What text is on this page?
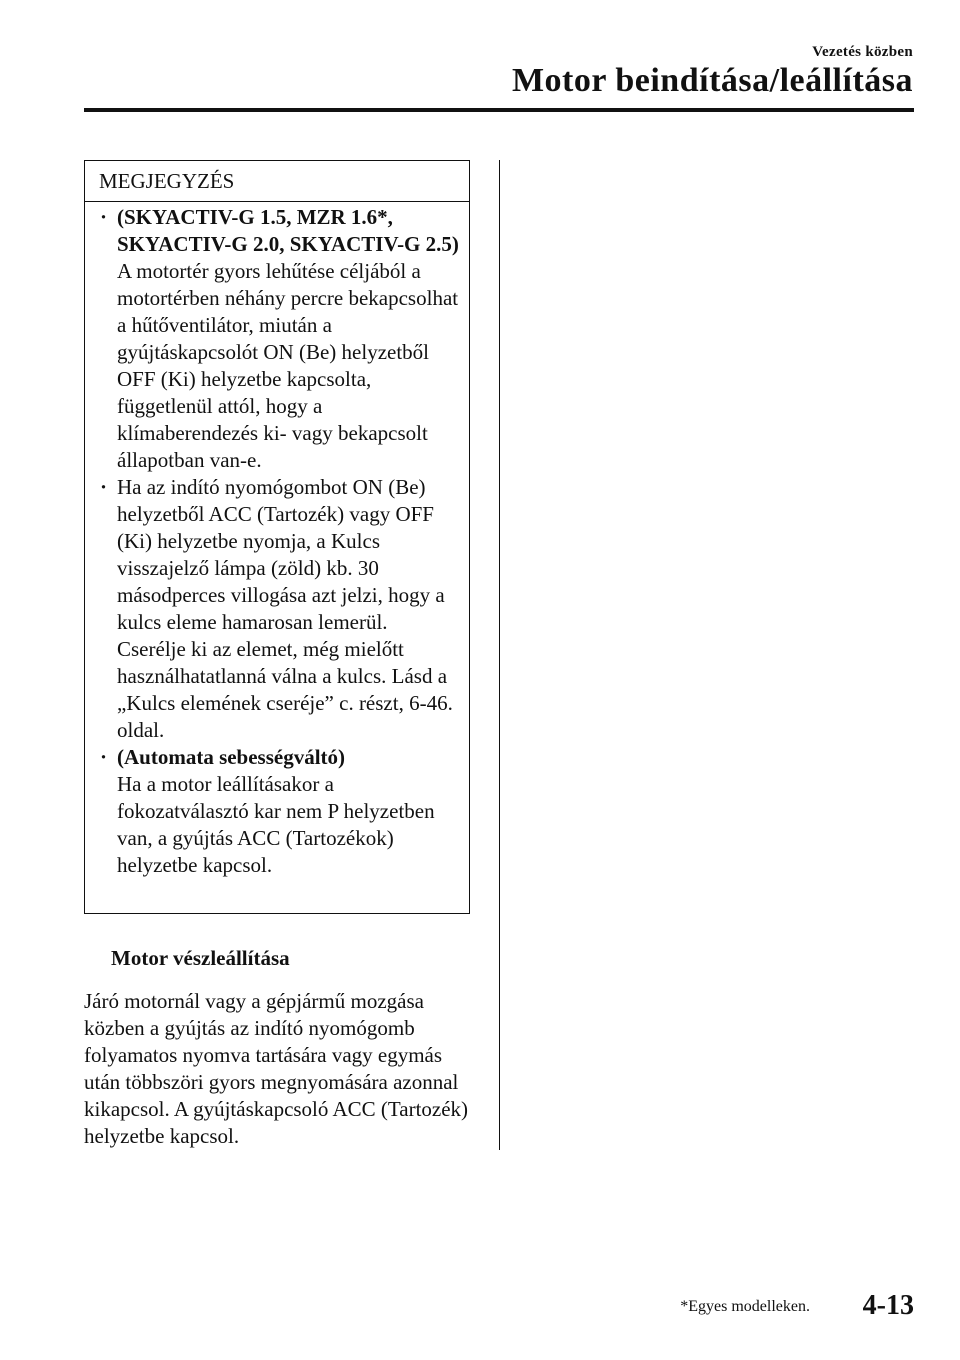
Vezetés közben
Motor beindítása/leállítása
MEGJEGYZÉS
· (SKYACTIV-G 1.5, MZR 1.6*, SKYACTIV-G 2.0, SKYACTIV-G 2.5)
A motortér gyors lehűtése céljából a motortérben néhány percre bekapcsolhat a hűtőventilátor, miután a gyújtáskapcsolót ON (Be) helyzetből OFF (Ki) helyzetbe kapcsolta, függetlenül attól, hogy a klímaberendezés ki- vagy bekapcsolt állapotban van-e.
· Ha az indító nyomógombot ON (Be) helyzetből ACC (Tartozék) vagy OFF (Ki) helyzetbe nyomja, a Kulcs visszajelző lámpa (zöld) kb. 30 másodperces villogása azt jelzi, hogy a kulcs eleme hamarosan lemerül. Cserélje ki az elemet, még mielőtt használhatatlanná válna a kulcs. Lásd a „Kulcs elemének cseréje” c. részt, 6-46. oldal.
· (Automata sebességváltó)
Ha a motor leállításakor a fokozatválasztó kar nem P helyzetben van, a gyújtás ACC (Tartozékok) helyzetbe kapcsol.
Motor vészleállítása

Járó motornál vagy a gépjármű mozgása közben a gyújtás az indító nyomógomb folyamatos nyomva tartására vagy egymás után többszöri gyors megnyomására azonnal kikapcsol. A gyújtáskapcsoló ACC (Tartozék) helyzetbe kapcsol.

*Egyes modelleken. 4-13
